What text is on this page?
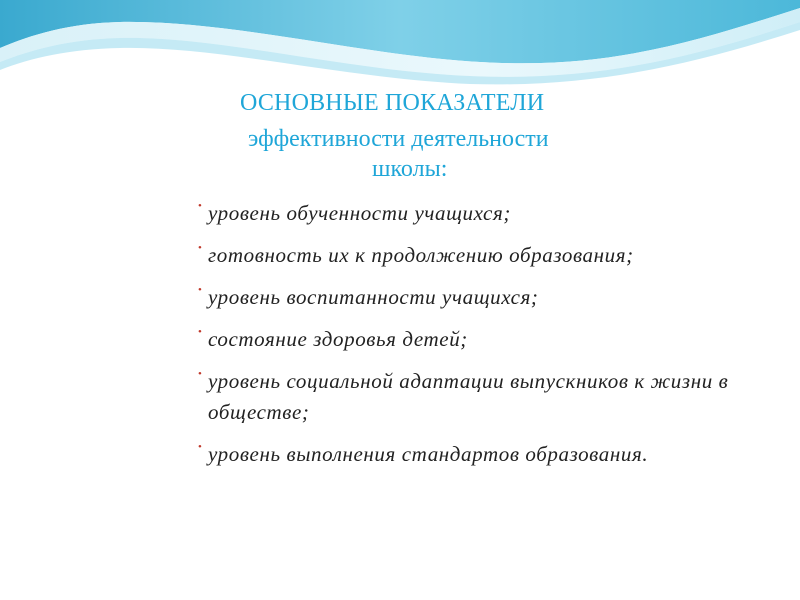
ОСНОВНЫЕ ПОКАЗАТЕЛИ
эффективности деятельности
школы:
• уровень обученности учащихся;
• готовность их к продолжению образования;
• уровень воспитанности учащихся;
• состояние здоровья детей;
• уровень социальной адаптации выпускников к жизни в обществе;
• уровень выполнения стандартов образования.
